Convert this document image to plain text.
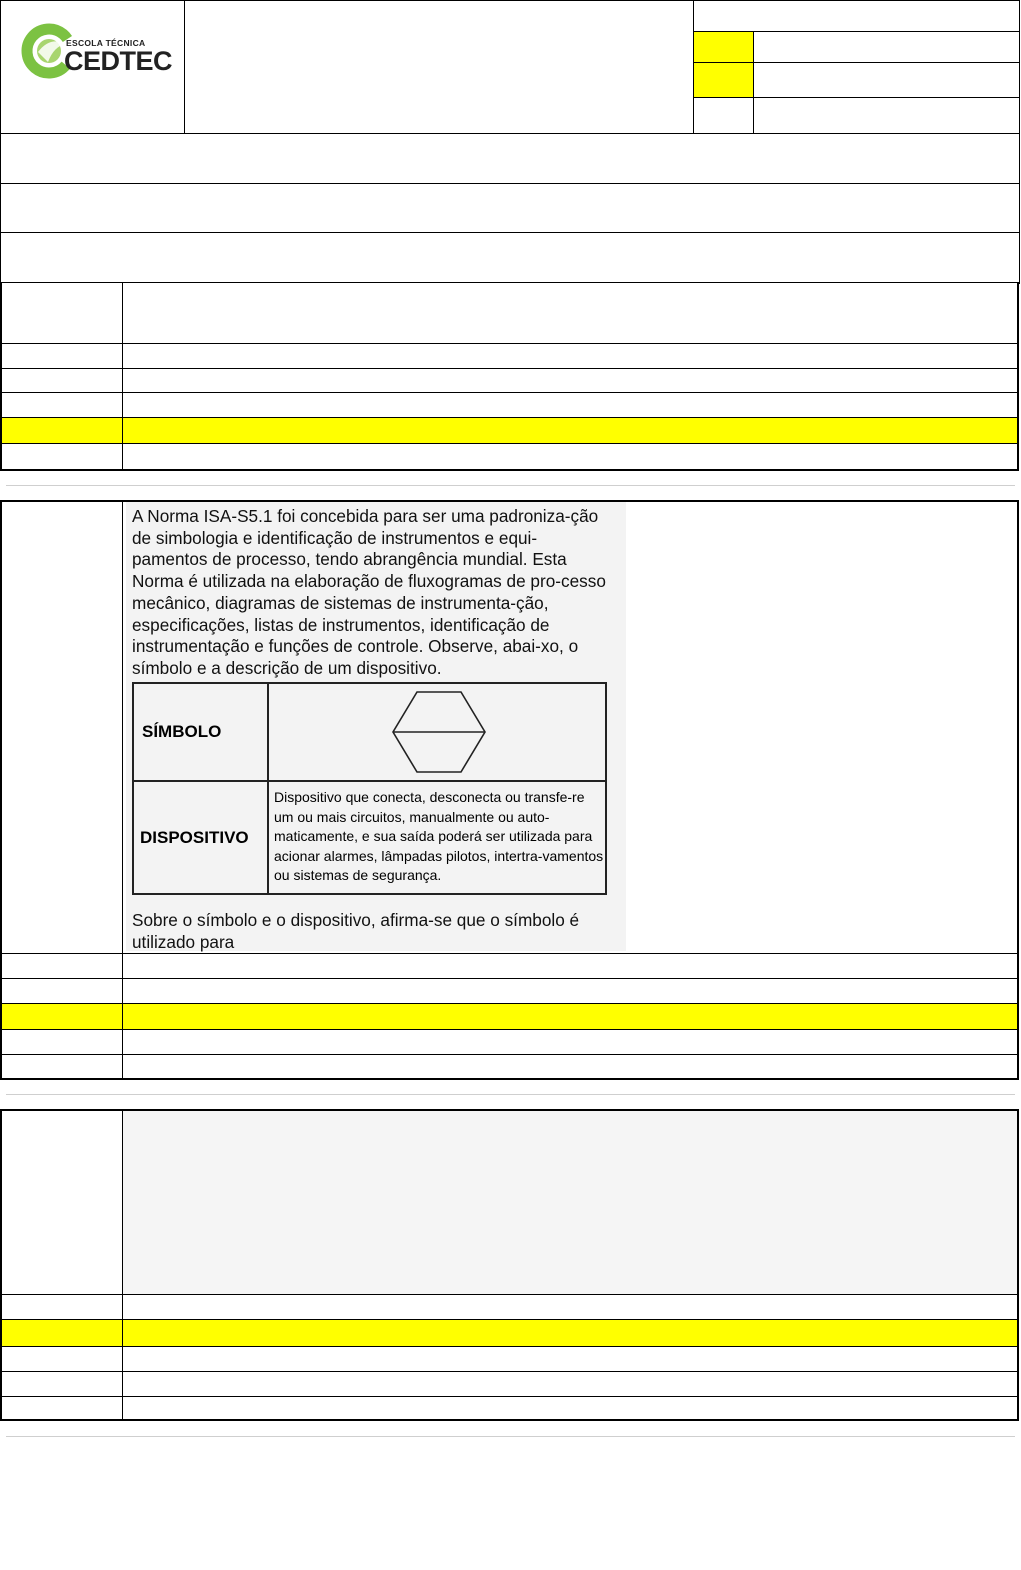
ESCOLA TÉCNICA
CEDTEC
A Norma ISA-S5.1 foi concebida para ser uma padroniza-ção de simbologia e identificação de instrumentos e equi-pamentos de processo, tendo abrangência mundial. Esta Norma é utilizada na elaboração de fluxogramas de pro-cesso mecânico, diagramas de sistemas de instrumenta-ção, especificações, listas de instrumentos, identificação de instrumentação e funções de controle. Observe, abai-xo, o símbolo e a descrição de um dispositivo.
SÍMBOLO
DISPOSITIVO
Dispositivo que conecta, desconecta ou transfe-re um ou mais circuitos, manualmente ou auto-maticamente, e sua saída poderá ser utilizada para acionar alarmes, lâmpadas pilotos, intertra-vamentos ou sistemas de segurança.
Sobre o símbolo e o dispositivo, afirma-se que o símbolo é utilizado para
